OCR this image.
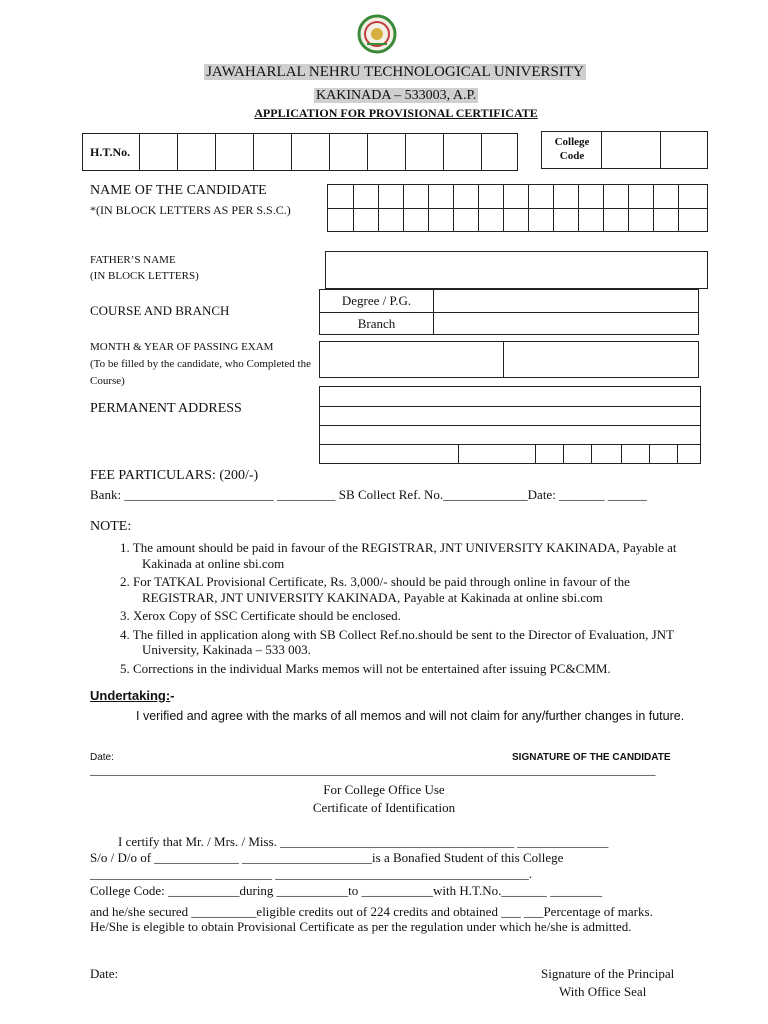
JAWAHARLAL NEHRU TECHNOLOGICAL UNIVERSITY
KAKINADA – 533003, A.P.
APPLICATION FOR PROVISIONAL CERTIFICATE
H.T.No.
College
Code
NAME OF THE CANDIDATE
*(IN BLOCK LETTERS AS PER S.S.C.)
FATHER’S NAME
(IN BLOCK LETTERS)
COURSE AND BRANCH
Degree / P.G.
Branch
MONTH & YEAR OF PASSING EXAM
(To be filled by the candidate, who Completed the Course)
PERMANENT ADDRESS
FEE PARTICULARS: (200/-)
Bank: _______________________ _________ SB Collect Ref. No._____________Date: _______ ______
NOTE:
1. The amount should be paid in favour of the REGISTRAR, JNT UNIVERSITY KAKINADA, Payable at Kakinada at online sbi.com
2. For TATKAL Provisional Certificate, Rs. 3,000/- should be paid through online in favour of the REGISTRAR, JNT UNIVERSITY KAKINADA, Payable at Kakinada at online sbi.com
3. Xerox Copy of SSC Certificate should be enclosed.
4. The filled in application along with SB Collect Ref.no.should be sent to the Director of Evaluation, JNT University, Kakinada – 533 003.
5. Corrections in the individual Marks memos will not be entertained after issuing PC&CMM.
Undertaking:-
I verified and agree with the marks of all memos and will not claim for any/further changes in future.
Date:	SIGNATURE OF THE CANDIDATE
_______________________________________________________________________________________
For College Office Use
Certificate of Identification
I certify that Mr. / Mrs. / Miss. ____________________________________ ______________
S/o / D/o of _____________ ____________________is a Bonafied Student of this College
____________________________ _______________________________________.
College Code: ___________during ___________to ___________with H.T.No._______ ________
and he/she secured __________eligible credits out of 224 credits and obtained ___ ___Percentage of marks.
He/She is elegible to obtain Provisional Certificate as per the regulation under which he/she is admitted.
Date:	Signature of the Principal
With Office Seal
